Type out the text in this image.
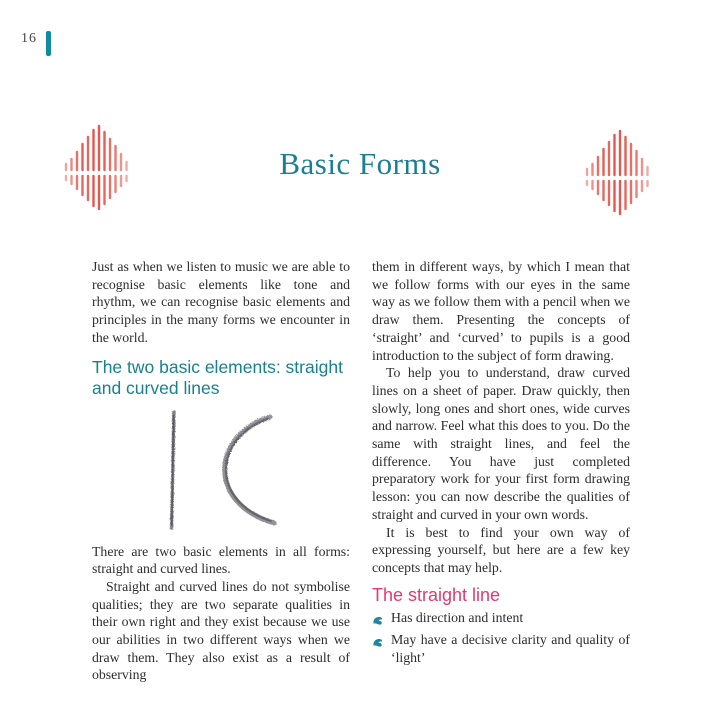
16
Basic Forms

Just as when we listen to music we are able to recognise basic elements like tone and rhythm, we can recognise basic elements and principles in the many forms we encounter in the world.

The two basic elements: straight and curved lines

There are two basic elements in all forms: straight and curved lines.

Straight and curved lines do not symbolise qualities; they are two separate qualities in their own right and they exist because we use our abilities in two different ways when we draw them. They also exist as a result of observing

them in different ways, by which I mean that we follow forms with our eyes in the same way as we follow them with a pencil when we draw them. Presenting the concepts of ‘straight’ and ‘curved’ to pupils is a good introduction to the subject of form drawing.

To help you to understand, draw curved lines on a sheet of paper. Draw quickly, then slowly, long ones and short ones, wide curves and narrow. Feel what this does to you. Do the same with straight lines, and feel the difference. You have just completed preparatory work for your first form drawing lesson: you can now describe the qualities of straight and curved in your own words.

It is best to find your own way of expressing yourself, but here are a few key concepts that may help.

The straight line
Has direction and intent
May have a decisive clarity and quality of ‘light’
